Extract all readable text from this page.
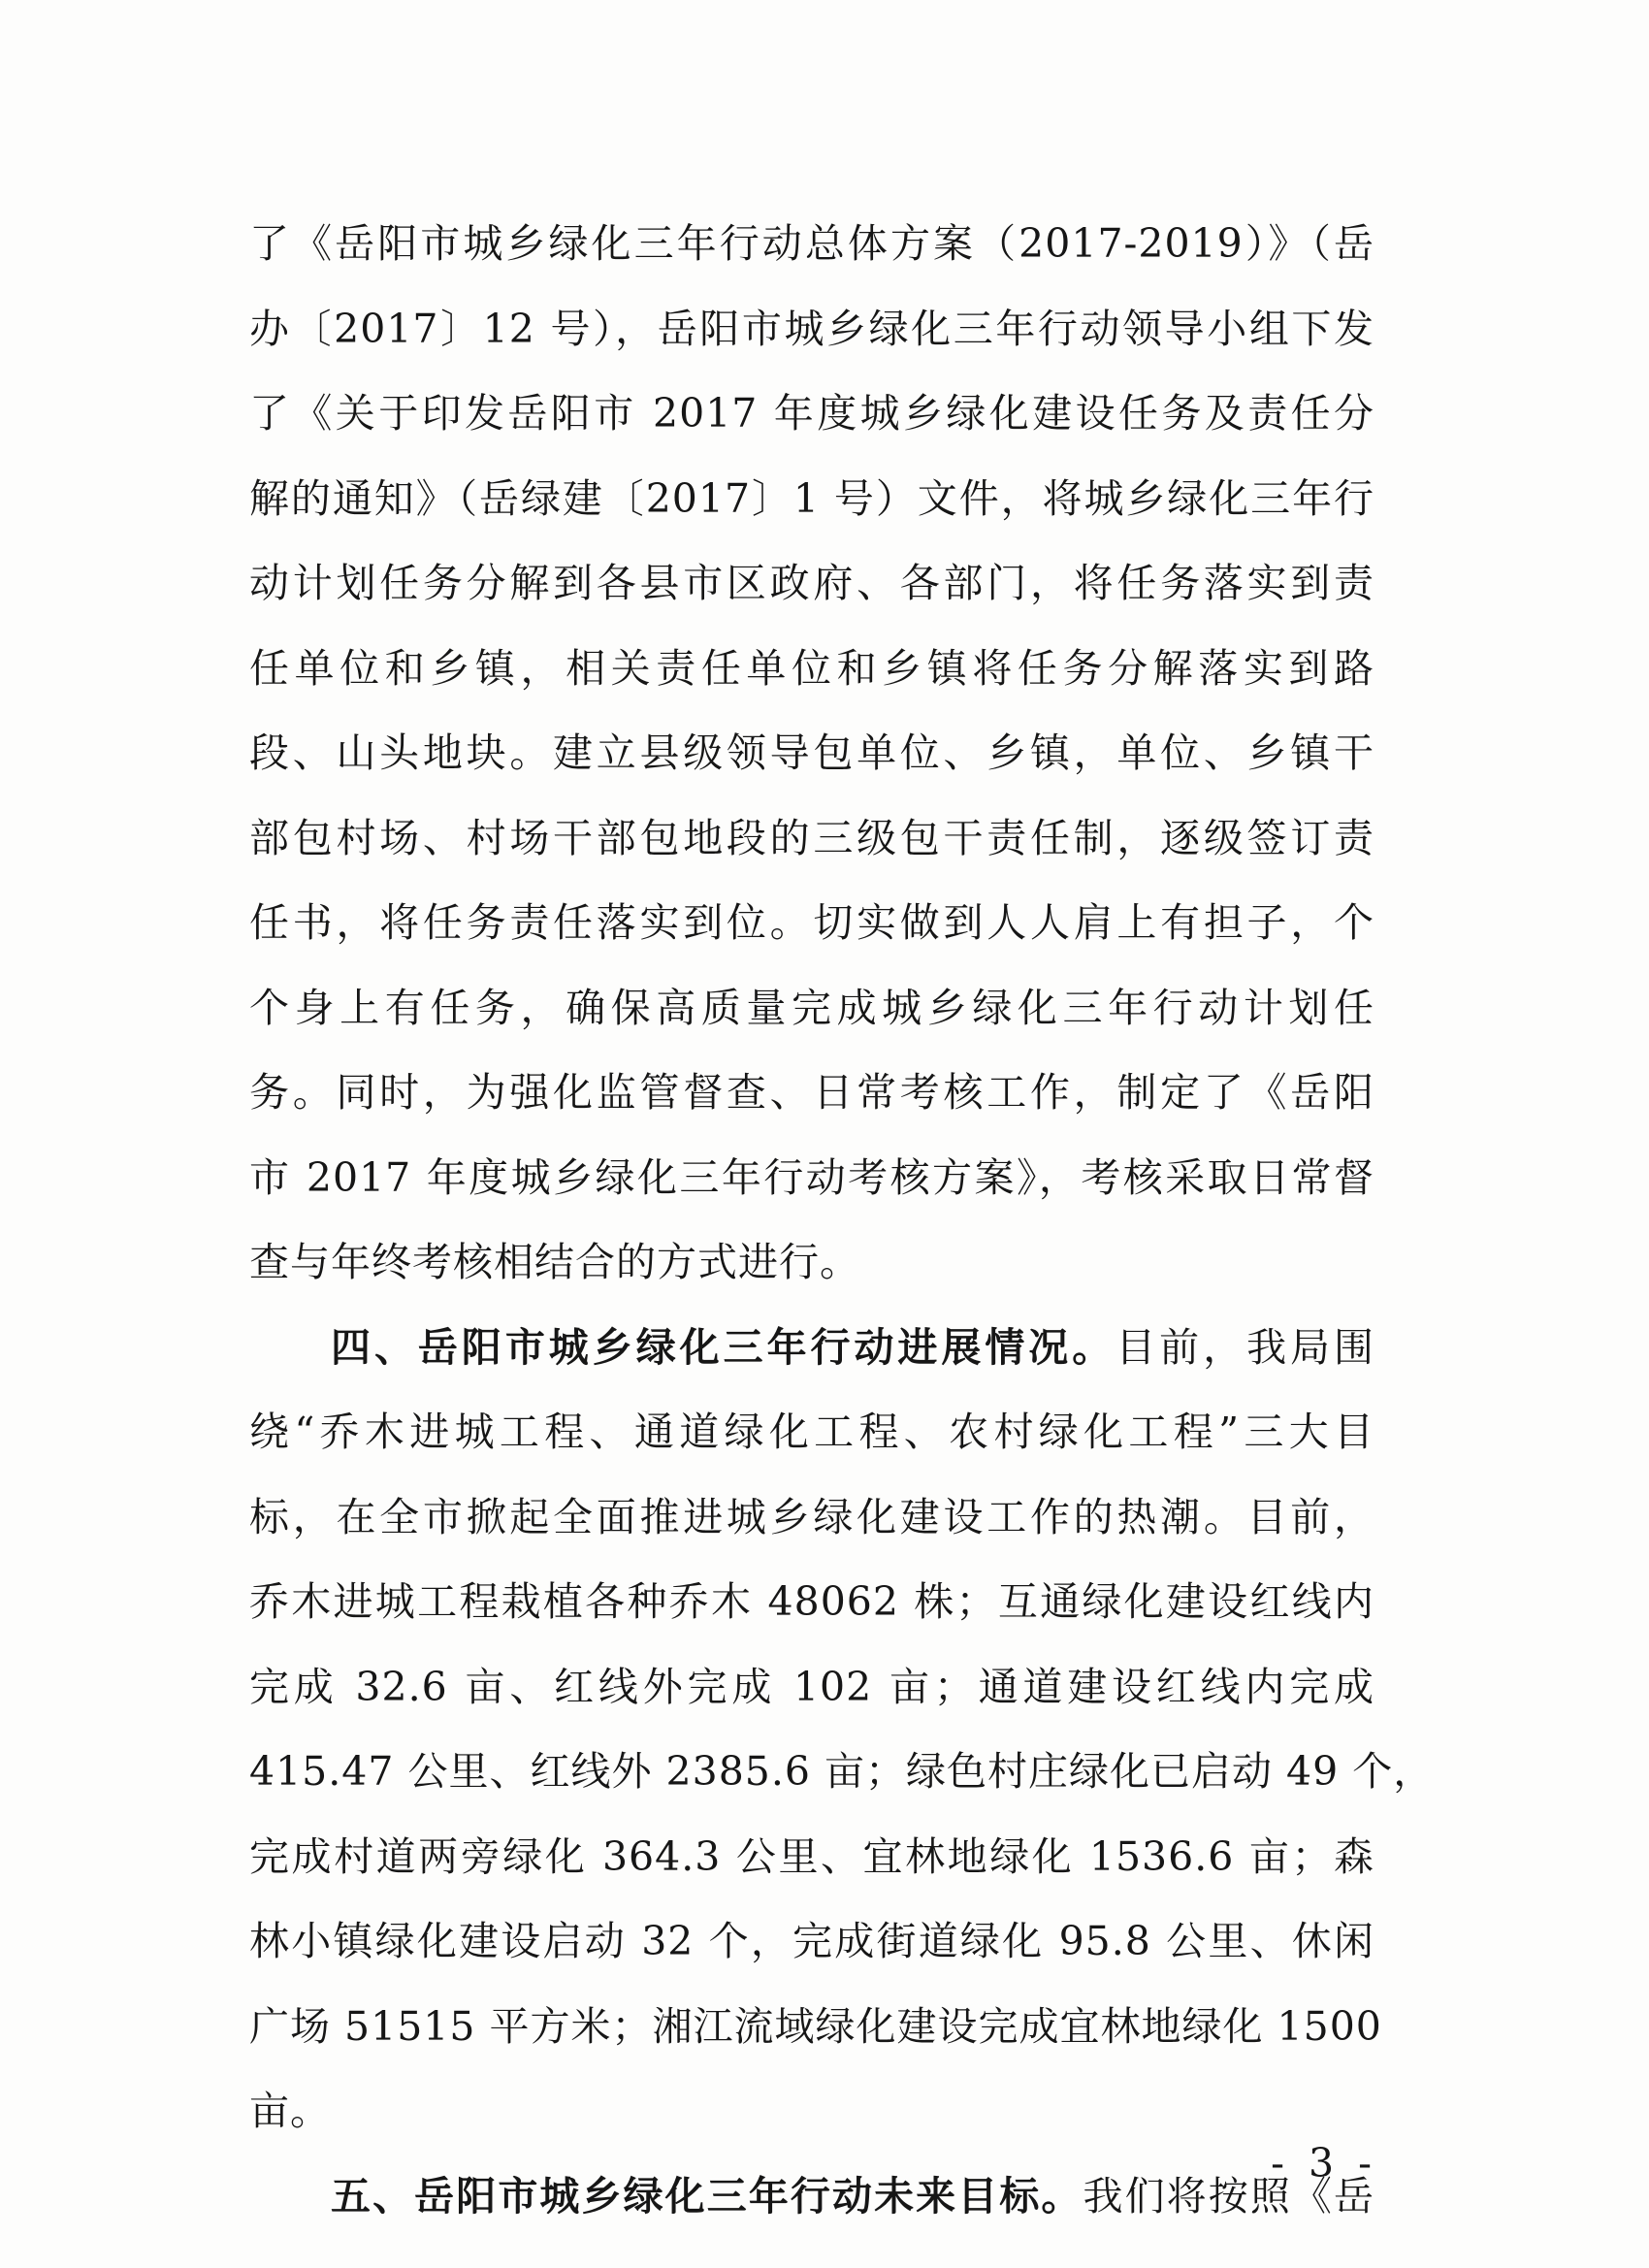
了《岳阳市城乡绿化三年行动总体方案（2017-2019）》（岳
办〔2017〕12 号），岳阳市城乡绿化三年行动领导小组下发
了《关于印发岳阳市 2017 年度城乡绿化建设任务及责任分
解的通知》（岳绿建〔2017〕1 号）文件，将城乡绿化三年行
动计划任务分解到各县市区政府、各部门，将任务落实到责
任单位和乡镇，相关责任单位和乡镇将任务分解落实到路
段、山头地块。建立县级领导包单位、乡镇，单位、乡镇干
部包村场、村场干部包地段的三级包干责任制，逐级签订责
任书，将任务责任落实到位。切实做到人人肩上有担子，个
个身上有任务，确保高质量完成城乡绿化三年行动计划任
务。同时，为强化监管督查、日常考核工作，制定了《岳阳
市 2017 年度城乡绿化三年行动考核方案》，考核采取日常督
查与年终考核相结合的方式进行。

四、岳阳市城乡绿化三年行动进展情况。目前，我局围
绕“乔木进城工程、通道绿化工程、农村绿化工程”三大目
标，在全市掀起全面推进城乡绿化建设工作的热潮。目前，
乔木进城工程栽植各种乔木 48062 株；互通绿化建设红线内
完成 32.6 亩、红线外完成 102 亩；通道建设红线内完成
415.47 公里、红线外 2385.6 亩；绿色村庄绿化已启动 49 个，
完成村道两旁绿化 364.3 公里、宜林地绿化 1536.6 亩；森
林小镇绿化建设启动 32 个，完成街道绿化 95.8 公里、休闲
广场 51515 平方米；湘江流域绿化建设完成宜林地绿化 1500
亩。

五、岳阳市城乡绿化三年行动未来目标。我们将按照《岳

- 3 -
